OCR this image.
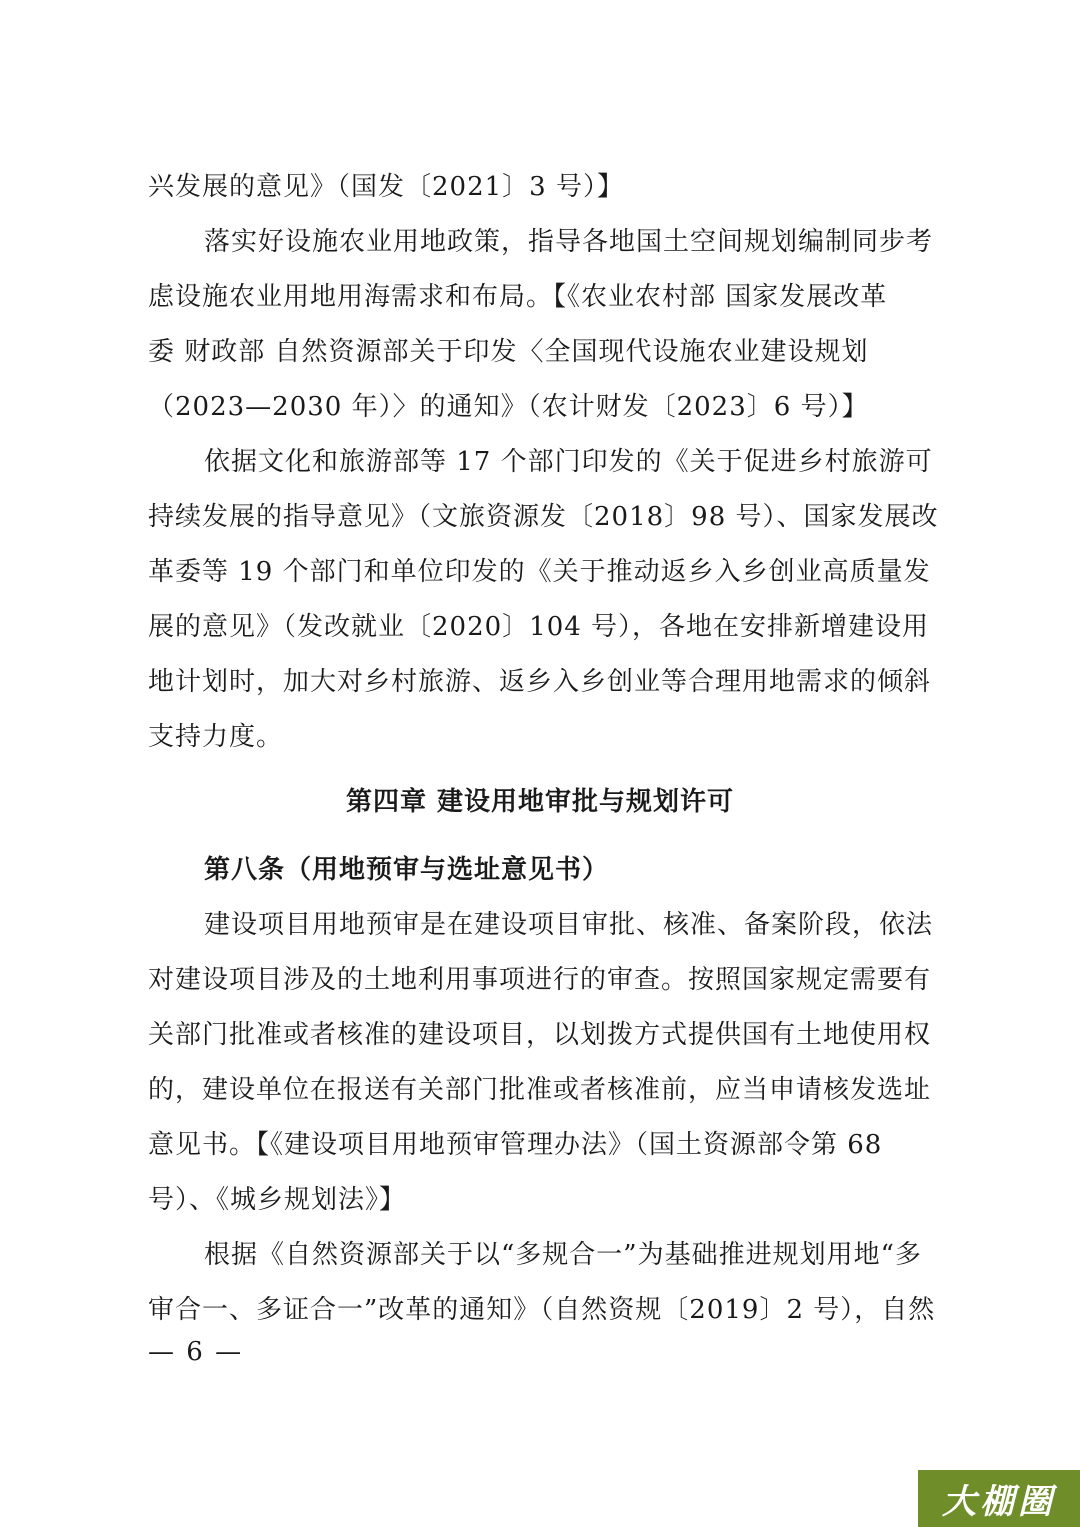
兴发展的意见》（国发〔2021〕3 号）】
落实好设施农业用地政策，指导各地国土空间规划编制同步考
虑设施农业用地用海需求和布局。【《农业农村部 国家发展改革
委 财政部 自然资源部关于印发〈全国现代设施农业建设规划
（2023—2030 年）〉的通知》（农计财发〔2023〕6 号）】
依据文化和旅游部等 17 个部门印发的《关于促进乡村旅游可
持续发展的指导意见》（文旅资源发〔2018〕98 号）、国家发展改
革委等 19 个部门和单位印发的《关于推动返乡入乡创业高质量发
展的意见》（发改就业〔2020〕104 号），各地在安排新增建设用
地计划时，加大对乡村旅游、返乡入乡创业等合理用地需求的倾斜
支持力度。
第四章 建设用地审批与规划许可
第八条（用地预审与选址意见书）
建设项目用地预审是在建设项目审批、核准、备案阶段，依法
对建设项目涉及的土地利用事项进行的审查。按照国家规定需要有
关部门批准或者核准的建设项目，以划拨方式提供国有土地使用权
的，建设单位在报送有关部门批准或者核准前，应当申请核发选址
意见书。【《建设项目用地预审管理办法》（国土资源部令第 68
号）、《城乡规划法》】
根据《自然资源部关于以“多规合一”为基础推进规划用地“多
审合一、多证合一”改革的通知》（自然资规〔2019〕2 号），自然
— 6 —
大棚圈
